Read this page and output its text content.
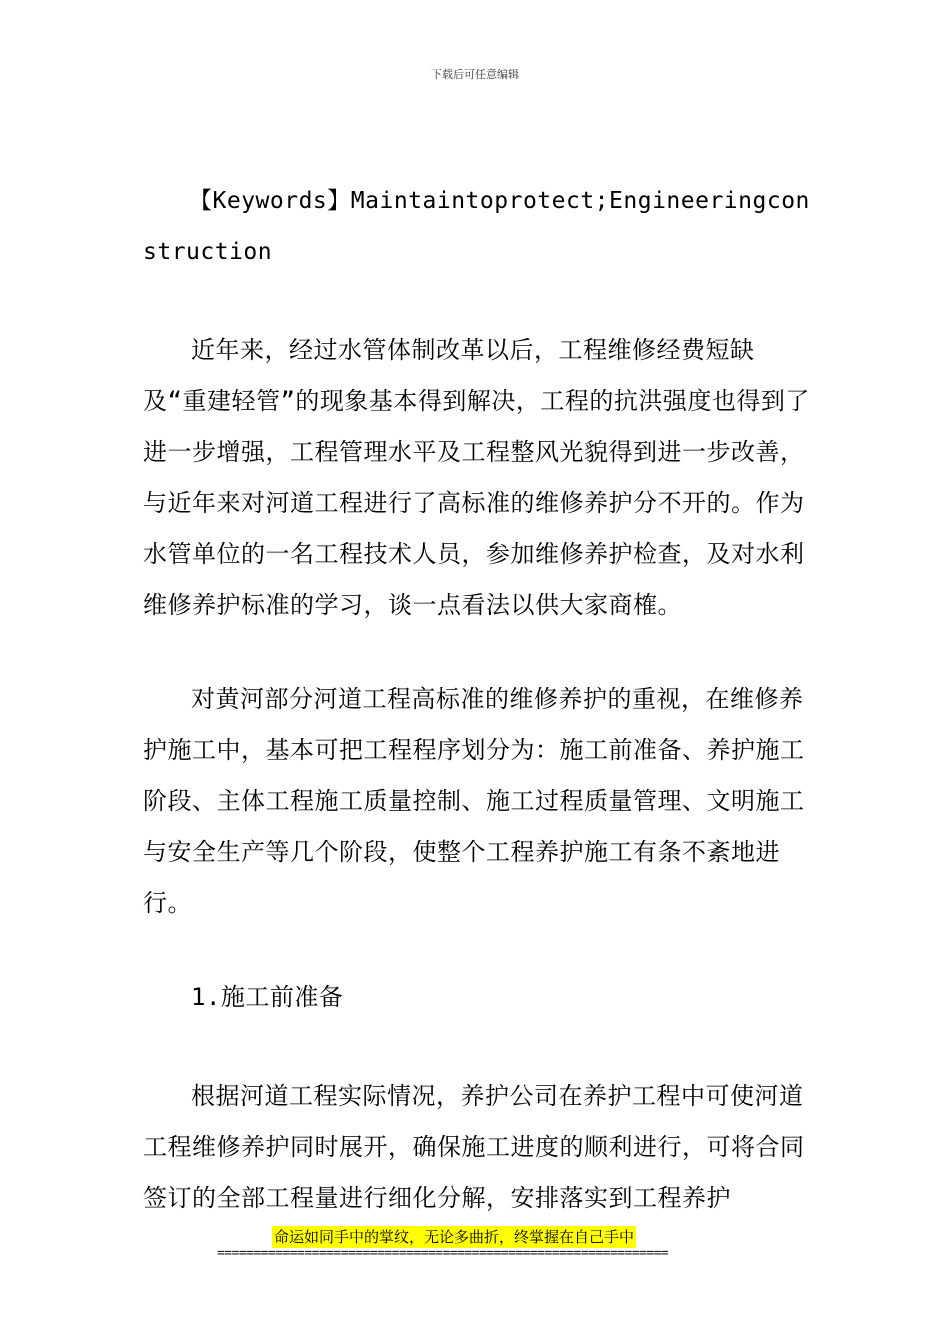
下载后可任意编辑

【Keywords】Maintaintoprotect;Engineeringconstruction

近年来，经过水管体制改革以后，工程维修经费短缺及“重建轻管”的现象基本得到解决，工程的抗洪强度也得到了进一步增强，工程管理水平及工程整风光貌得到进一步改善，与近年来对河道工程进行了高标准的维修养护分不开的。作为水管单位的一名工程技术人员，参加维修养护检查，及对水利维修养护标准的学习，谈一点看法以供大家商榷。

对黄河部分河道工程高标准的维修养护的重视，在维修养护施工中，基本可把工程程序划分为：施工前准备、养护施工阶段、主体工程施工质量控制、施工过程质量管理、文明施工与安全生产等几个阶段，使整个工程养护施工有条不紊地进行。

1.施工前准备

根据河道工程实际情况，养护公司在养护工程中可使河道工程维修养护同时展开，确保施工进度的顺利进行，可将合同签订的全部工程量进行细化分解，安排落实到工程养护

命运如同手中的掌纹，无论多曲折，终掌握在自己手中
==============================================================
